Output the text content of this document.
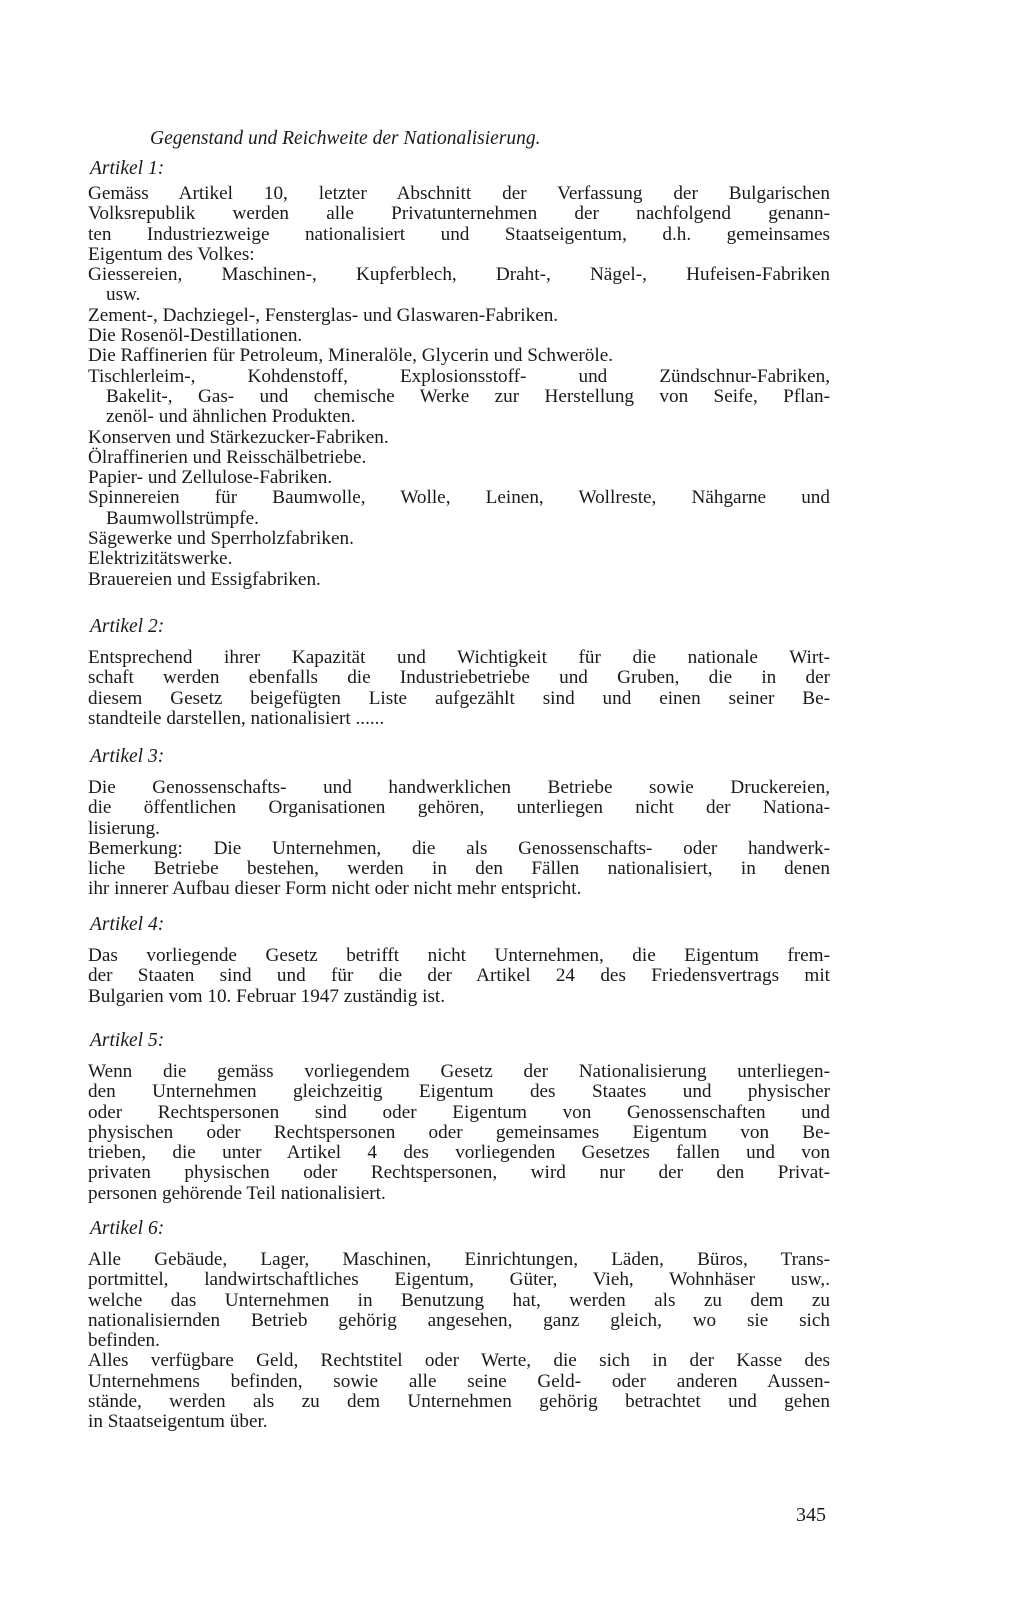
Gegenstand und Reichweite der Nationalisierung.
Artikel 1:
Gemäss Artikel 10, letzter Abschnitt der Verfassung der Bulgarischen
Volksrepublik werden alle Privatunternehmen der nachfolgend genann-
ten Industriezweige nationalisiert und Staatseigentum, d.h. gemeinsames
Eigentum des Volkes:
Giessereien, Maschinen-, Kupferblech, Draht-, Nägel-, Hufeisen-Fabriken
usw.
Zement-, Dachziegel-, Fensterglas- und Glaswaren-Fabriken.
Die Rosenöl-Destillationen.
Die Raffinerien für Petroleum, Mineralöle, Glycerin und Schweröle.
Tischlerleim-, Kohdenstoff, Explosionsstoff- und Zündschnur-Fabriken,
Bakelit-, Gas- und chemische Werke zur Herstellung von Seife, Pflan-
zenöl- und ähnlichen Produkten.
Konserven und Stärkezucker-Fabriken.
Ölraffinerien und Reisschälbetriebe.
Papier- und Zellulose-Fabriken.
Spinnereien für Baumwolle, Wolle, Leinen, Wollreste, Nähgarne und
Baumwollstrümpfe.
Sägewerke und Sperrholzfabriken.
Elektrizitätswerke.
Brauereien und Essigfabriken.
Artikel 2:
Entsprechend ihrer Kapazität und Wichtigkeit für die nationale Wirt-
schaft werden ebenfalls die Industriebetriebe und Gruben, die in der
diesem Gesetz beigefügten Liste aufgezählt sind und einen seiner Be-
standteile darstellen, nationalisiert ......
Artikel 3:
Die Genossenschafts- und handwerklichen Betriebe sowie Druckereien,
die öffentlichen Organisationen gehören, unterliegen nicht der Nationa-
lisierung.
Bemerkung: Die Unternehmen, die als Genossenschafts- oder handwerk-
liche Betriebe bestehen, werden in den Fällen nationalisiert, in denen
ihr innerer Aufbau dieser Form nicht oder nicht mehr entspricht.
Artikel 4:
Das vorliegende Gesetz betrifft nicht Unternehmen, die Eigentum frem-
der Staaten sind und für die der Artikel 24 des Friedensvertrags mit
Bulgarien vom 10. Februar 1947 zuständig ist.
Artikel 5:
Wenn die gemäss vorliegendem Gesetz der Nationalisierung unterliegen-
den Unternehmen gleichzeitig Eigentum des Staates und physischer
oder Rechtspersonen sind oder Eigentum von Genossenschaften und
physischen oder Rechtspersonen oder gemeinsames Eigentum von Be-
trieben, die unter Artikel 4 des vorliegenden Gesetzes fallen und von
privaten physischen oder Rechtspersonen, wird nur der den Privat-
personen gehörende Teil nationalisiert.
Artikel 6:
Alle Gebäude, Lager, Maschinen, Einrichtungen, Läden, Büros, Trans-
portmittel, landwirtschaftliches Eigentum, Güter, Vieh, Wohnhäser usw,.
welche das Unternehmen in Benutzung hat, werden als zu dem zu
nationalisiernden Betrieb gehörig angesehen, ganz gleich, wo sie sich
befinden.
Alles verfügbare Geld, Rechtstitel oder Werte, die sich in der Kasse des
Unternehmens befinden, sowie alle seine Geld- oder anderen Aussen-
stände, werden als zu dem Unternehmen gehörig betrachtet und gehen
in Staatseigentum über.
345
